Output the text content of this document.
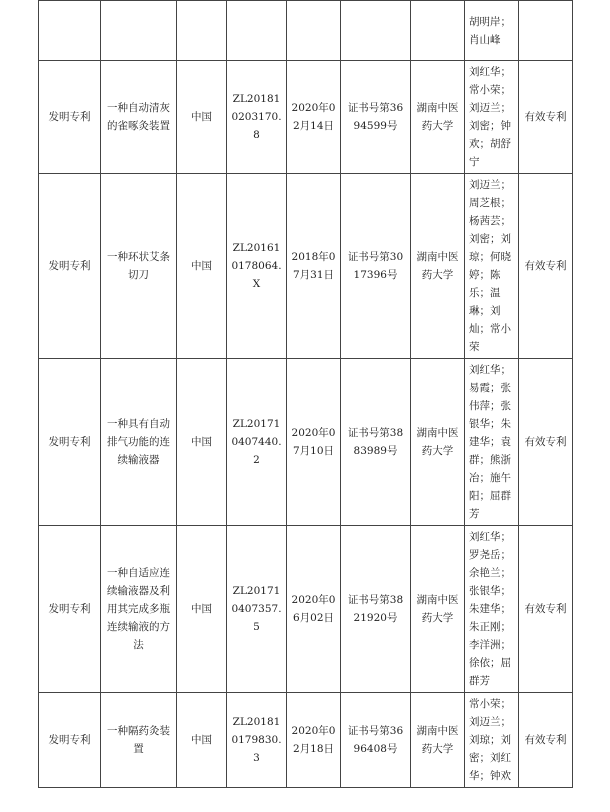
							胡明岸；肖山峰	
发明专利	一种自动清灰的雀啄灸装置	中国	ZL2018102031​70.8	2020年02月14日	证书号第3694599号	湖南中医药大学	刘红华；常小荣；刘迈兰；刘密；钟欢；胡舒宁	有效专利
发明专利	一种环状艾条切刀	中国	ZL201610178064.X	2018年07月31日	证书号第3017396号	湖南中医药大学	刘迈兰；周芝根；杨茜芸；刘密；刘琼；何晓婷；陈乐；温琳；刘灿；常小荣	有效专利
发明专利	一种具有自动排气功能的连续输液器	中国	ZL201710407440.2	2020年07月10日	证书号第3883989号	湖南中医药大学	刘红华；易霞；张伟萍；张银华；朱建华；袁群；熊浙冶；施午阳；屈群芳	有效专利
发明专利	一种自适应连续输液器及利用其完成多瓶连续输液的方法	中国	ZL201710407357.5	2020年06月02日	证书号第3821920号	湖南中医药大学	刘红华；罗尧岳；余艳兰；张银华；朱建华；朱正刚；李洋洲；徐依；屈群芳	有效专利
发明专利	一种隔药灸装置	中国	ZL201810179830.3	2020年02月18日	证书号第3696408号	湖南中医药大学	常小荣；刘迈兰；刘琼；刘密；刘红华；钟欢	有效专利
